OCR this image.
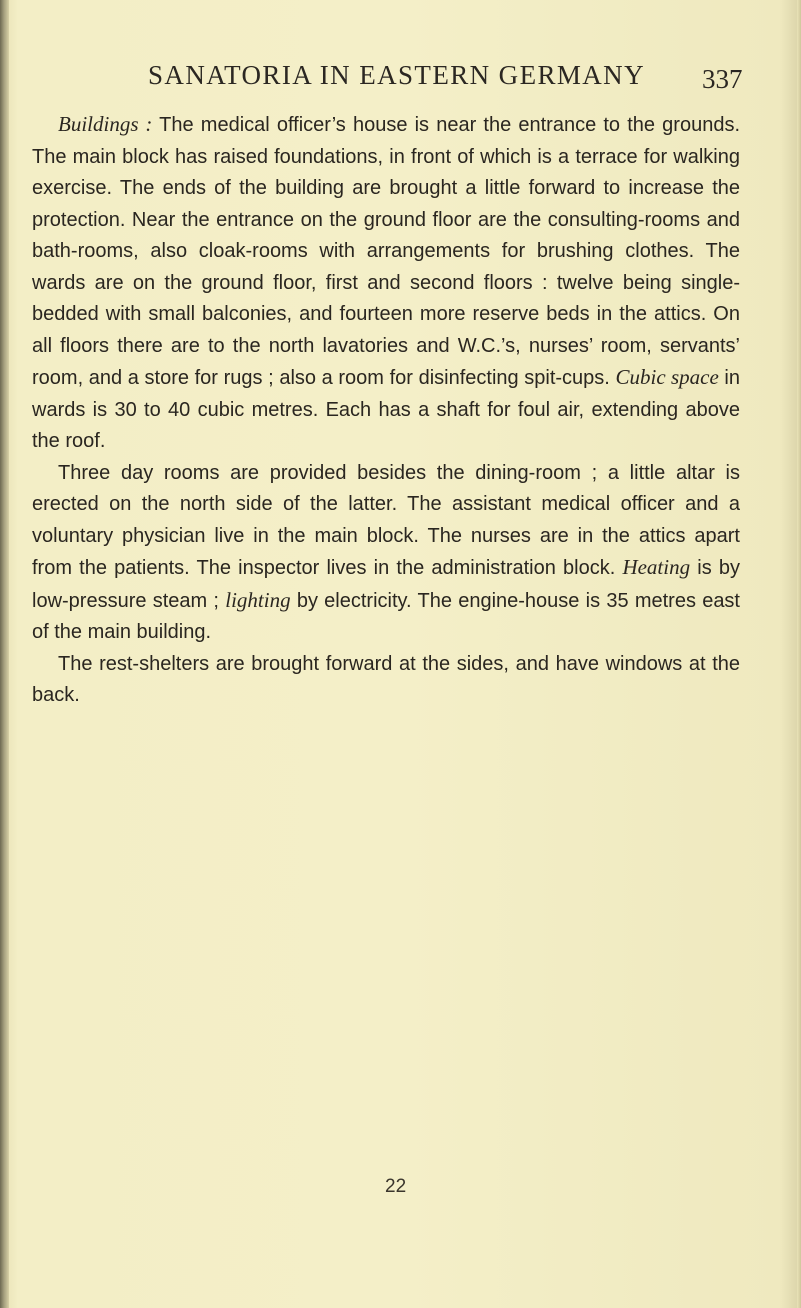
SANATORIA IN EASTERN GERMANY 337

Buildings : The medical officer’s house is near the entrance to the grounds. The main block has raised foundations, in front of which is a terrace for walking exercise. The ends of the building are brought a little forward to increase the protection. Near the entrance on the ground floor are the consulting-rooms and bath-rooms, also cloak-rooms with arrangements for brushing clothes. The wards are on the ground floor, first and second floors : twelve being single-bedded with small balconies, and fourteen more reserve beds in the attics. On all floors there are to the north lavatories and W.C.’s, nurses’ room, servants’ room, and a store for rugs ; also a room for disinfecting spit-cups. Cubic space in wards is 30 to 40 cubic metres. Each has a shaft for foul air, extending above the roof.

Three day rooms are provided besides the dining-room ; a little altar is erected on the north side of the latter. The assistant medical officer and a voluntary physician live in the main block. The nurses are in the attics apart from the patients. The inspector lives in the administration block. Heating is by low-pressure steam ; lighting by electricity. The engine-house is 35 metres east of the main building.

The rest-shelters are brought forward at the sides, and have windows at the back.

22
